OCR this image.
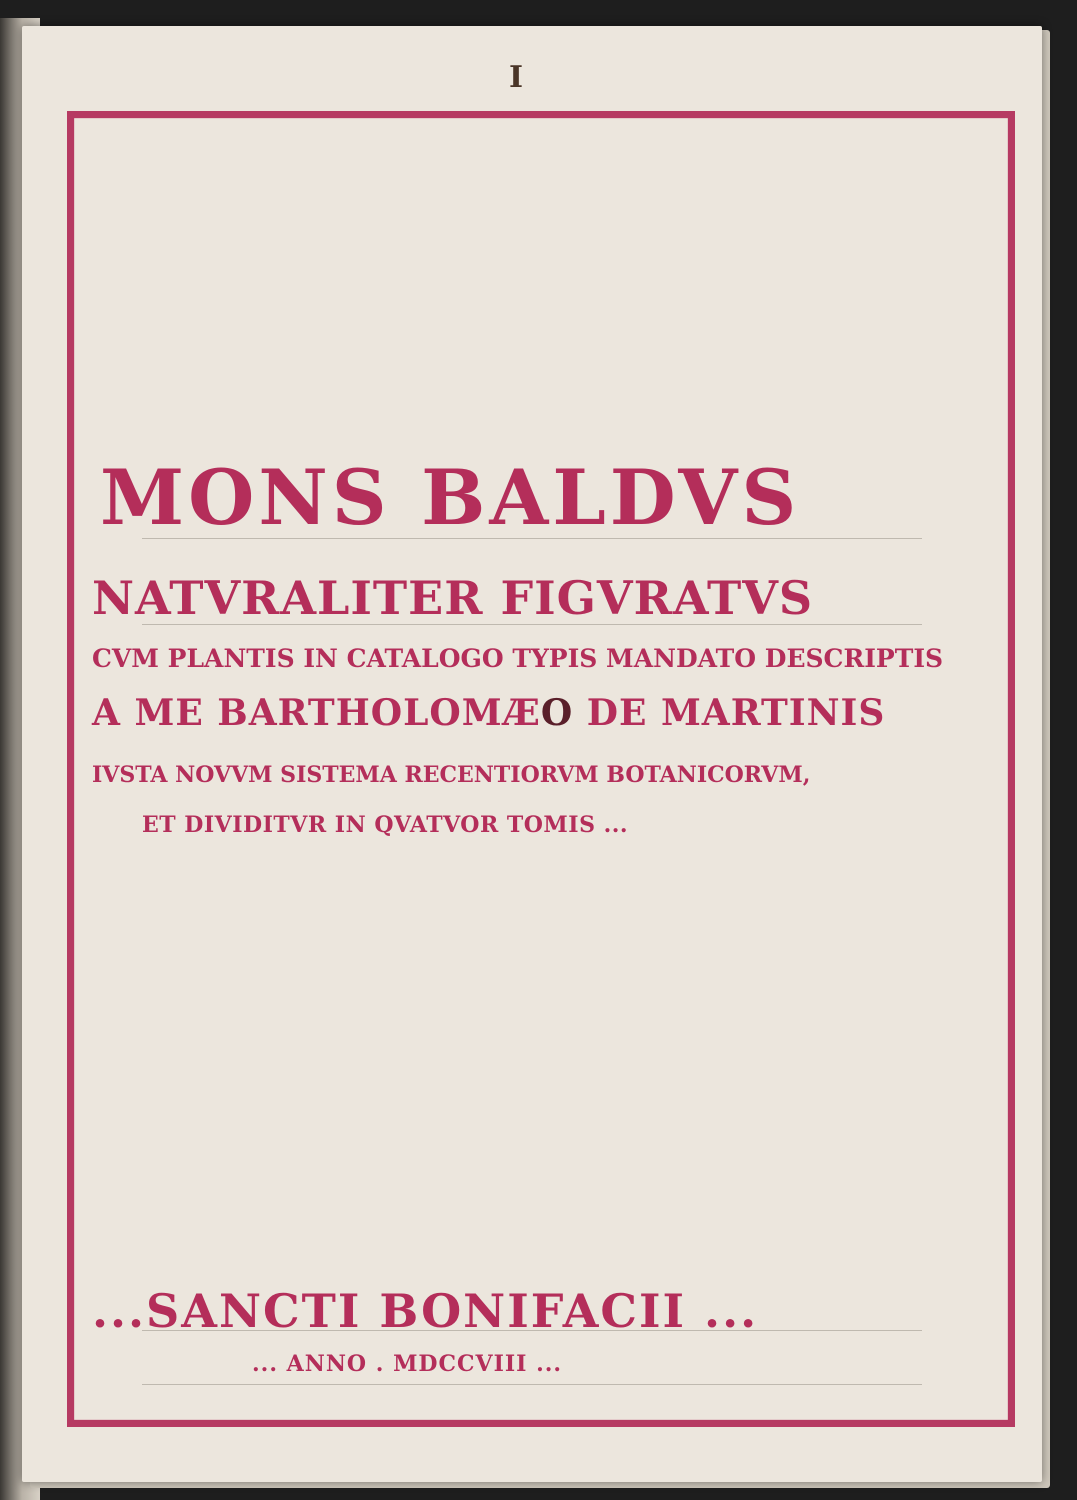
I
MONS BALDVS
NATVRALITER FIGVRATVS
CVM PLANTIS IN CATALOGO TYPIS MANDATO DESCRIPTIS
A ME BARTHOLOMÆO DE MARTINIS
IVSTA NOVVM SISTEMA RECENTIORVM BOTANICORVM,
ET DIVIDITVR IN QVATVOR TOMIS ...
...SANCTI BONIFACII ...
... ANNO . MDCCVIII ...
